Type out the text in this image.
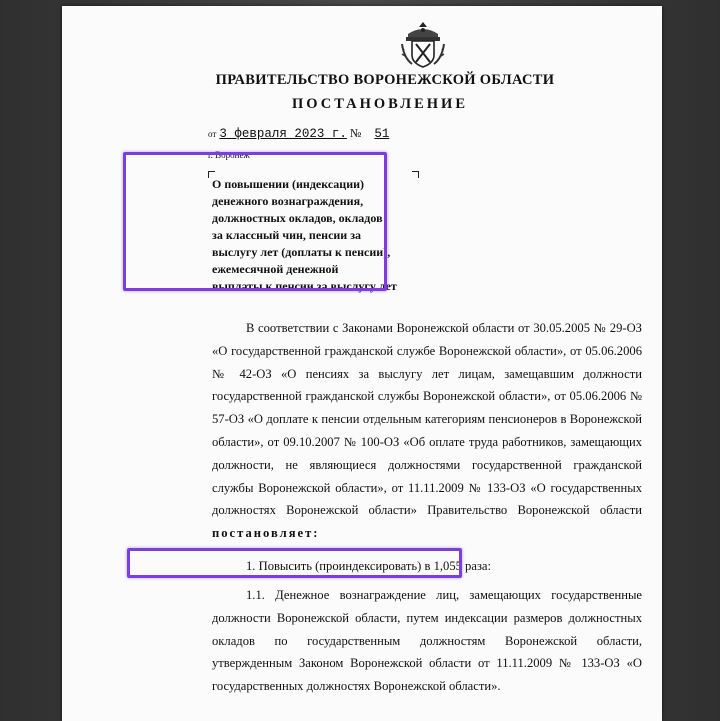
ПРАВИТЕЛЬСТВО ВОРОНЕЖСКОЙ ОБЛАСТИ
ПОСТАНОВЛЕНИЕ
от 3 февраля 2023 г. № 51
г. Воронеж
О повышении (индексации)
денежного вознаграждения,
должностных окладов, окладов
за классный чин, пенсии за
выслугу лет (доплаты к пенсии),
ежемесячной денежной
выплаты к пенсии за выслугу лет
В соответствии с Законами Воронежской области от 30.05.2005 № 29-ОЗ «О государственной гражданской службе Воронежской области», от 05.06.2006 № 42-ОЗ «О пенсиях за выслугу лет лицам, замещавшим должности государственной гражданской службы Воронежской области», от 05.06.2006 № 57-ОЗ «О доплате к пенсии отдельным категориям пенсионеров в Воронежской области», от 09.10.2007 № 100-ОЗ «Об оплате труда работников, замещающих должности, не являющиеся должностями государственной гражданской службы Воронежской области», от 11.11.2009 № 133-ОЗ «О государственных должностях Воронежской области» Правительство Воронежской области постановляет:
1. Повысить (проиндексировать) в 1,055 раза:
1.1. Денежное вознаграждение лиц, замещающих государственные должности Воронежской области, путем индексации размеров должностных окладов по государственным должностям Воронежской области, утвержденным Законом Воронежской области от 11.11.2009 № 133-ОЗ «О государственных должностях Воронежской области».
